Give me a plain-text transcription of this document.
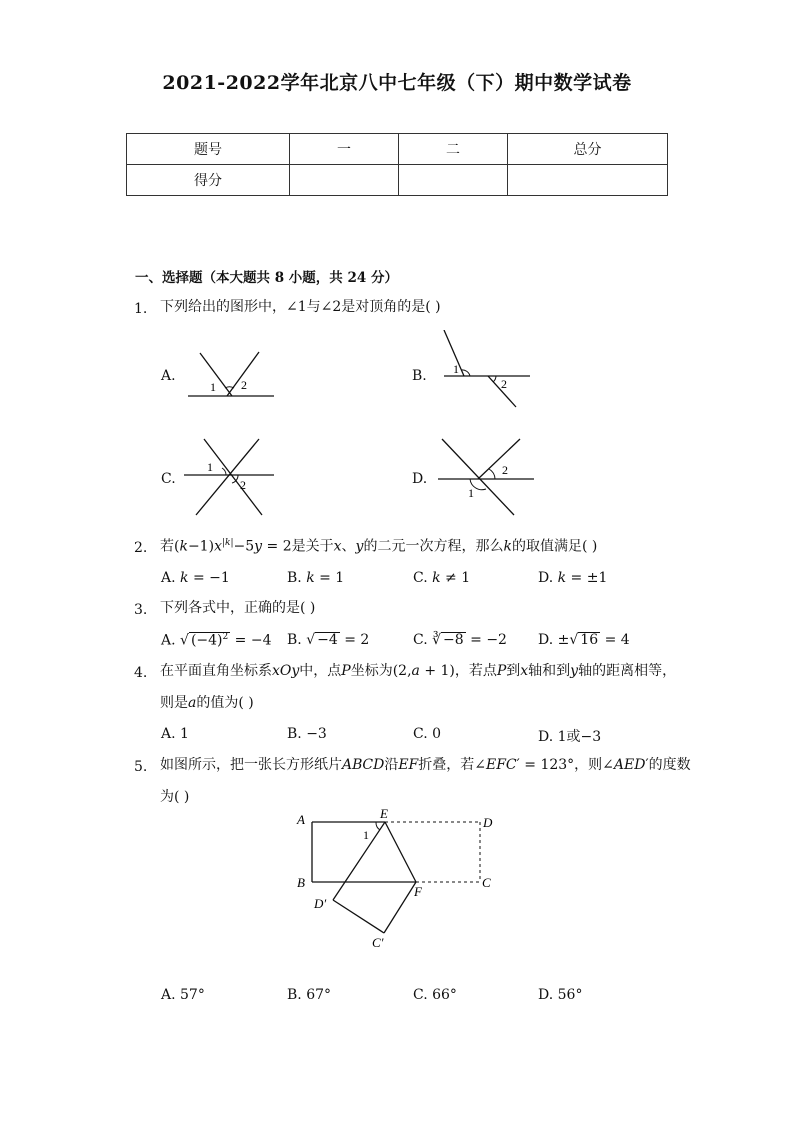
2021-2022学年北京八中七年级（下）期中数学试卷
题号	一	二	总分
得分			
一、选择题（本大题共 8 小题，共 24 分）
1. 下列给出的图形中，∠1与∠2是对顶角的是( )
A.
1 2
B. 1
2
C.
1
2	D.
2
1
2. 若$(k-1)x^{|k|}-5y = 2$是关于x、y的二元一次方程，那么k的取值满足( )
A. 𝑘 = −1	B. 𝑘 = 1	C. 𝑘 ≠ 1	D. 𝑘 = ±1
3. 下列各式中，正确的是( )
A. √ $(-4)^2 = -4$ B. √ −4 = 2	C. ∛ −8 = −2 D. ±√ 16 = 4
4. 在平面直角坐标系𝑥𝑂𝑦中，点𝑃坐标为(2,𝑎 + 1)，若点𝑃到𝑥轴和到𝑦轴的距离相等，
则是𝑎的值为( )
A. 1	B. −3	C. 0	D. 1或−3
5. 如图所示，把一张长方形纸片𝐴𝐵𝐶𝐷沿𝐸𝐹折叠，若∠𝐸𝐹𝐶′ = 123°，则∠𝐴𝐸𝐷′的度数
为( )
A	E
D
B
F
C
D′
C′
1
A. 57°	B. 67°	C. 66°	D. 56°
